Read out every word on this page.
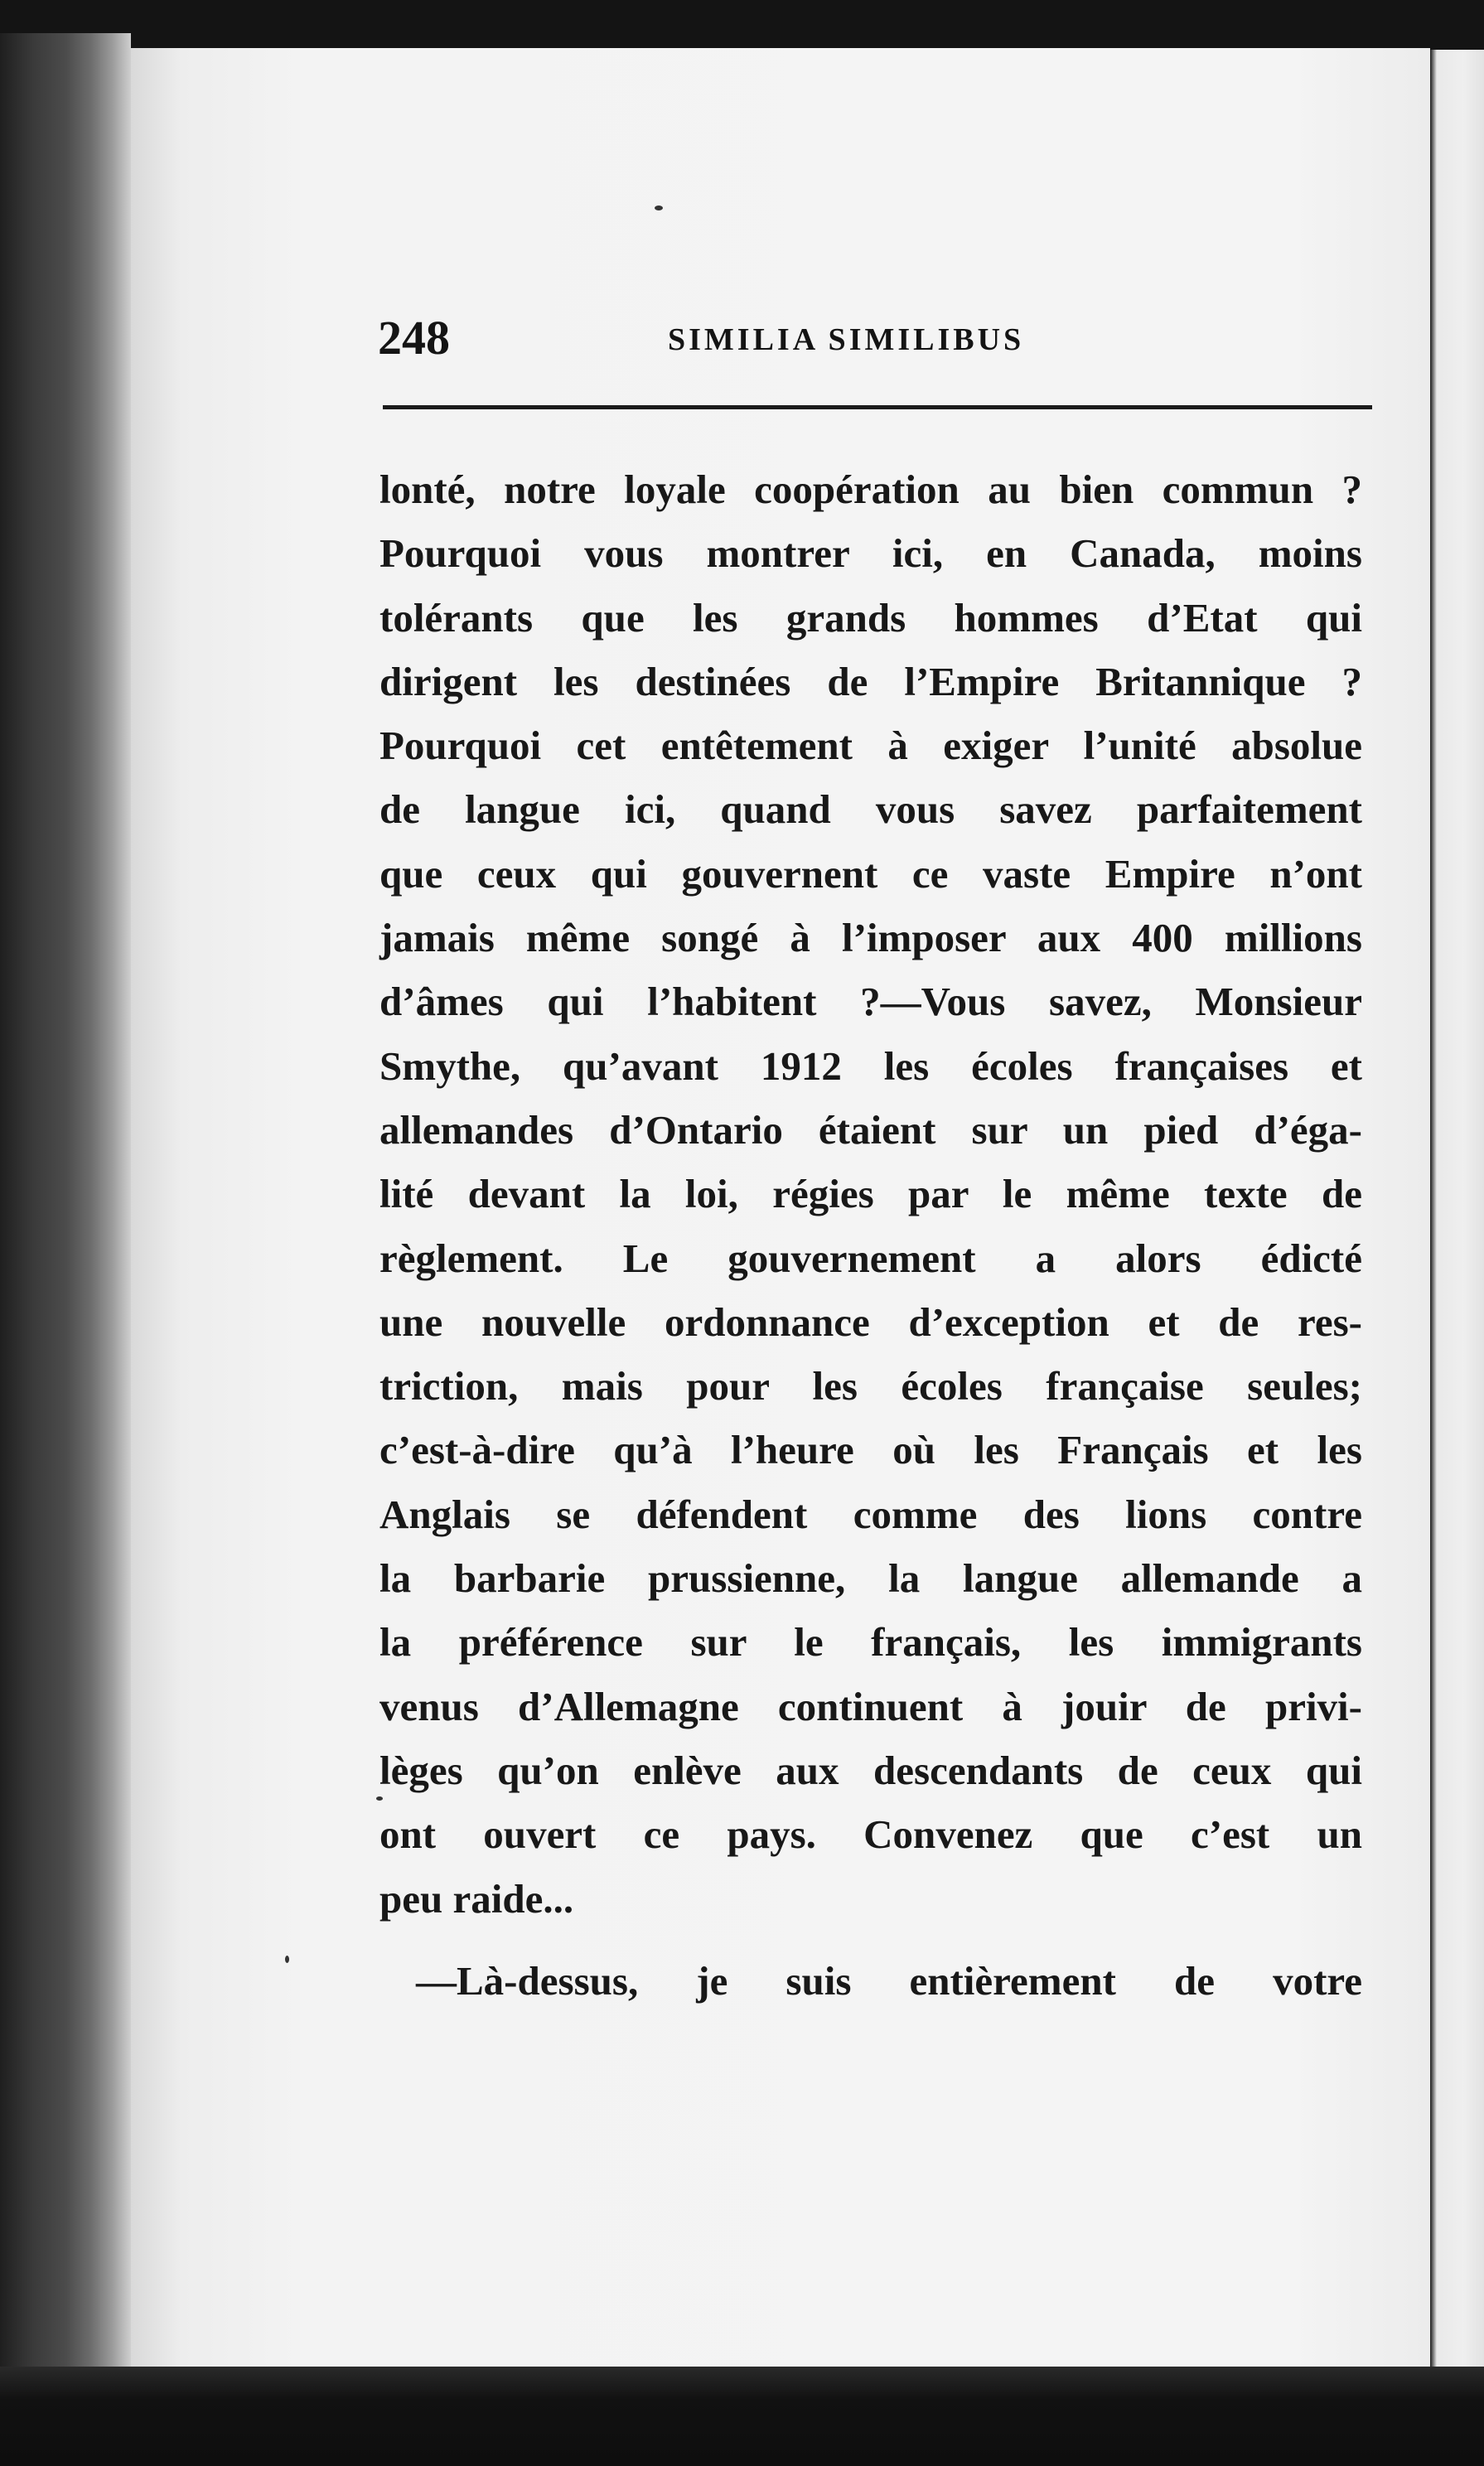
248	SIMILIA SIMILIBUS
lonté, notre loyale coopération au bien commun ?
Pourquoi vous montrer ici, en Canada, moins
tolérants que les grands hommes d’Etat qui
dirigent les destinées de l’Empire Britannique ?
Pourquoi cet entêtement à exiger l’unité absolue
de langue ici, quand vous savez parfaitement
que ceux qui gouvernent ce vaste Empire n’ont
jamais même songé à l’imposer aux 400 millions
d’âmes qui l’habitent ?—Vous savez, Monsieur
Smythe, qu’avant 1912 les écoles françaises et
allemandes d’Ontario étaient sur un pied d’éga-
lité devant la loi, régies par le même texte de
règlement. Le gouvernement a alors édicté
une nouvelle ordonnance d’exception et de res-
triction, mais pour les écoles française seules;
c’est-à-dire qu’à l’heure où les Français et les
Anglais se défendent comme des lions contre
la barbarie prussienne, la langue allemande a
la préférence sur le français, les immigrants
venus d’Allemagne continuent à jouir de privi-
lèges qu’on enlève aux descendants de ceux qui
ont ouvert ce pays. Convenez que c’est un
peu raide...
—Là-dessus, je suis entièrement de votre
